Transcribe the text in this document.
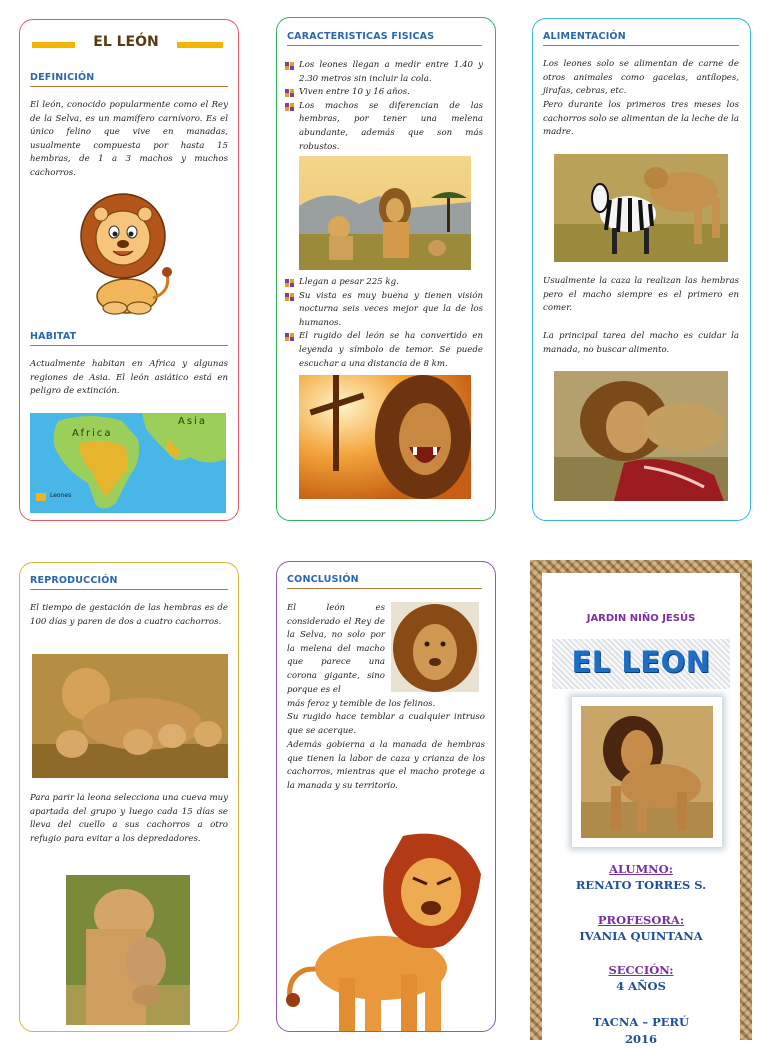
EL LEÓN
DEFINICIÓN

El león, conocido popularmente como el Rey de la Selva, es un mamífero carnívoro. Es el único felino que vive en manadas, usualmente compuesta por hasta 15 hembras, de 1 a 3 machos y muchos cachorros.

HABITAT

Actualmente habitan en Africa y algunas regiones de Asia. El león asiático está en peligro de extinción.

Africa
Asia
Leones
CARACTERISTICAS FISICAS
Los leones llegan a medir entre 1.40 y 2.30 metros sin incluir la cola.
Viven entre 10 y 16 años.
Los machos se diferencian de las hembras, por tener una melena abundante, además que son más robustos.
Llegan a pesar 225 kg.
Su vista es muy buena y tienen visión nocturna seis veces mejor que la de los humanos.
El rugido del león se ha convertido en leyenda y símbolo de temor. Se puede escuchar a una distancia de 8 km.
ALIMENTACIÓN

Los leones solo se alimentan de carne de otros animales como gacelas, antílopes, jirafas, cebras, etc.

Pero durante los primeros tres meses los cachorros solo se alimentan de la leche de la madre.

Usualmente la caza la realizan las hembras pero el macho siempre es el primero en comer.

La principal tarea del macho es cuidar la manada, no buscar alimento.

REPRODUCCIÓN

El tiempo de gestación de las hembras es de 100 días y paren de dos a cuatro cachorros.

Para parir la leona selecciona una cueva muy apartada del grupo y luego cada 15 días se lleva del cuello a sus cachorros a otro refugio para evitar a los depredadores.

CONCLUSIÓN

El león es considerado el Rey de la Selva, no solo por la melena del macho que parece una corona gigante, sino porque es el

más feroz y temible de los felinos.

Su rugido hace temblar a cualquier intruso que se acerque.

Además gobierna a la manada de hembras que tienen la labor de caza y crianza de los cachorros, mientras que el macho protege a la manada y su territorio.

JARDIN NIÑO JESÚS
EL LEON
ALUMNO:
RENATO TORRES S.
PROFESORA:
IVANIA QUINTANA
SECCIÓN:
4 AÑOS
TACNA – PERÚ
2016
